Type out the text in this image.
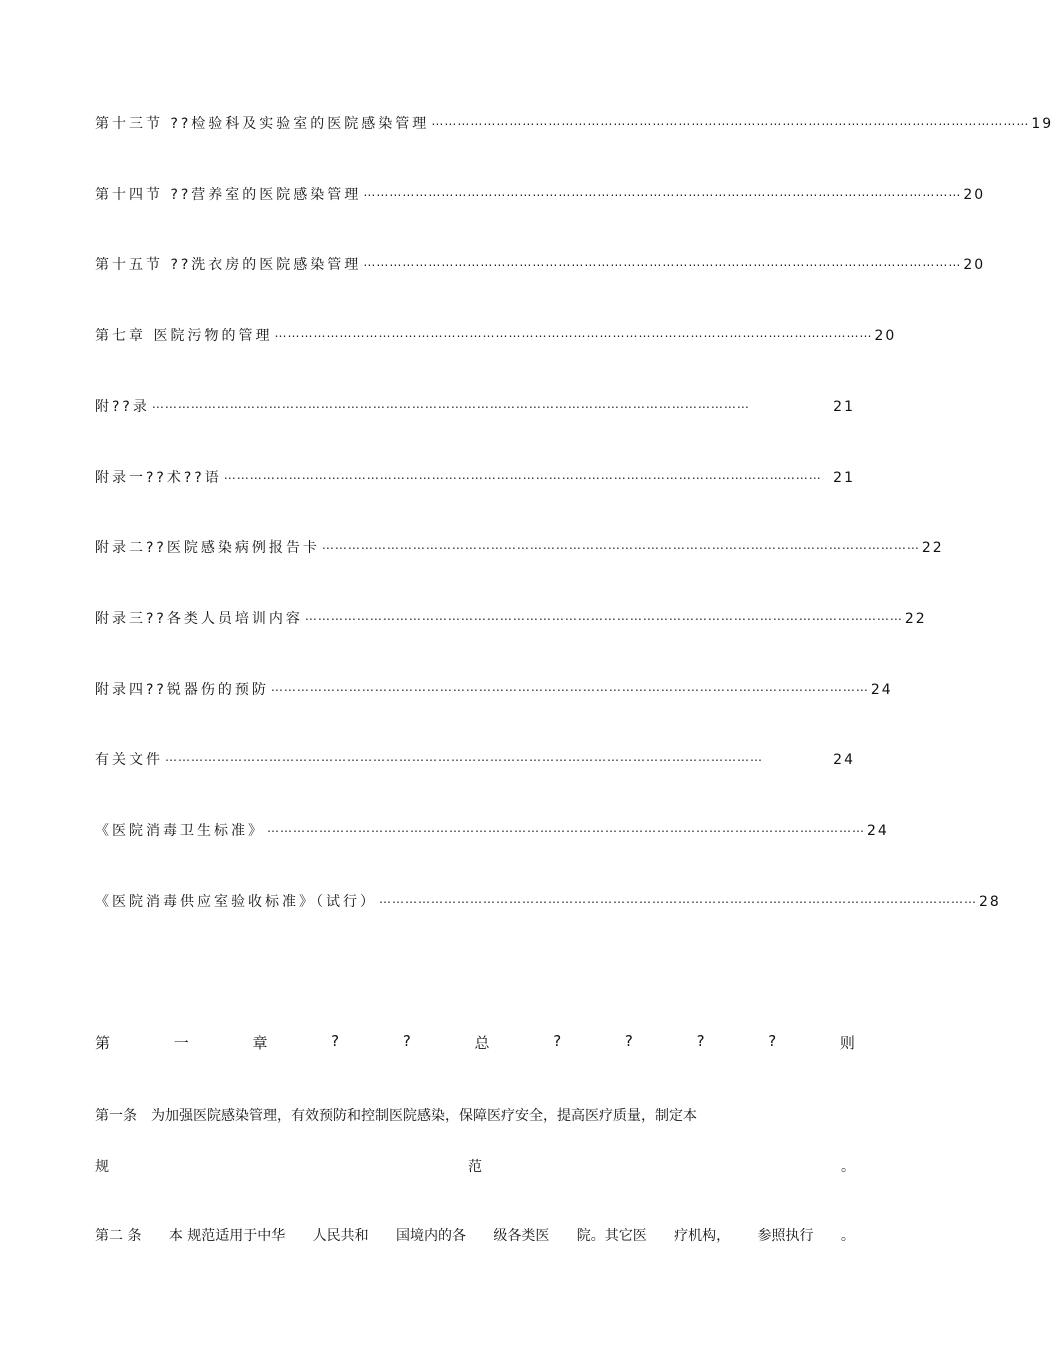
第十三节 ??检验科及实验室的医院感染管理 ⋯⋯⋯⋯⋯⋯⋯⋯⋯⋯⋯⋯⋯⋯⋯⋯⋯⋯⋯⋯⋯⋯⋯⋯⋯⋯⋯⋯⋯⋯⋯⋯⋯⋯⋯⋯⋯⋯⋯⋯⋯⋯⋯⋯⋯⋯ 19
第十四节 ??营养室的医院感染管理 ⋯⋯⋯⋯⋯⋯⋯⋯⋯⋯⋯⋯⋯⋯⋯⋯⋯⋯⋯⋯⋯⋯⋯⋯⋯⋯⋯⋯⋯⋯⋯⋯⋯⋯⋯⋯⋯⋯⋯⋯⋯⋯⋯⋯⋯⋯ 20
第十五节 ??洗衣房的医院感染管理 ⋯⋯⋯⋯⋯⋯⋯⋯⋯⋯⋯⋯⋯⋯⋯⋯⋯⋯⋯⋯⋯⋯⋯⋯⋯⋯⋯⋯⋯⋯⋯⋯⋯⋯⋯⋯⋯⋯⋯⋯⋯⋯⋯⋯⋯⋯ 20
第七章 医院污物的管理 ⋯⋯⋯⋯⋯⋯⋯⋯⋯⋯⋯⋯⋯⋯⋯⋯⋯⋯⋯⋯⋯⋯⋯⋯⋯⋯⋯⋯⋯⋯⋯⋯⋯⋯⋯⋯⋯⋯⋯⋯⋯⋯⋯⋯⋯⋯ 20
附??录 ⋯⋯⋯⋯⋯⋯⋯⋯⋯⋯⋯⋯⋯⋯⋯⋯⋯⋯⋯⋯⋯⋯⋯⋯⋯⋯⋯⋯⋯⋯⋯⋯⋯⋯⋯⋯⋯⋯⋯⋯⋯⋯⋯⋯⋯⋯	21
附录一??术??语 ⋯⋯⋯⋯⋯⋯⋯⋯⋯⋯⋯⋯⋯⋯⋯⋯⋯⋯⋯⋯⋯⋯⋯⋯⋯⋯⋯⋯⋯⋯⋯⋯⋯⋯⋯⋯⋯⋯⋯⋯⋯⋯⋯⋯⋯⋯ 21
附录二??医院感染病例报告卡 ⋯⋯⋯⋯⋯⋯⋯⋯⋯⋯⋯⋯⋯⋯⋯⋯⋯⋯⋯⋯⋯⋯⋯⋯⋯⋯⋯⋯⋯⋯⋯⋯⋯⋯⋯⋯⋯⋯⋯⋯⋯⋯⋯⋯⋯⋯ 22
附录三??各类人员培训内容 ⋯⋯⋯⋯⋯⋯⋯⋯⋯⋯⋯⋯⋯⋯⋯⋯⋯⋯⋯⋯⋯⋯⋯⋯⋯⋯⋯⋯⋯⋯⋯⋯⋯⋯⋯⋯⋯⋯⋯⋯⋯⋯⋯⋯⋯⋯ 22
附录四??锐器伤的预防 ⋯⋯⋯⋯⋯⋯⋯⋯⋯⋯⋯⋯⋯⋯⋯⋯⋯⋯⋯⋯⋯⋯⋯⋯⋯⋯⋯⋯⋯⋯⋯⋯⋯⋯⋯⋯⋯⋯⋯⋯⋯⋯⋯⋯⋯⋯ 24
有关文件 ⋯⋯⋯⋯⋯⋯⋯⋯⋯⋯⋯⋯⋯⋯⋯⋯⋯⋯⋯⋯⋯⋯⋯⋯⋯⋯⋯⋯⋯⋯⋯⋯⋯⋯⋯⋯⋯⋯⋯⋯⋯⋯⋯⋯⋯⋯	24
《医院消毒卫生标准》 ⋯⋯⋯⋯⋯⋯⋯⋯⋯⋯⋯⋯⋯⋯⋯⋯⋯⋯⋯⋯⋯⋯⋯⋯⋯⋯⋯⋯⋯⋯⋯⋯⋯⋯⋯⋯⋯⋯⋯⋯⋯⋯⋯⋯⋯⋯ 24
《医院消毒供应室验收标准》（试行） ⋯⋯⋯⋯⋯⋯⋯⋯⋯⋯⋯⋯⋯⋯⋯⋯⋯⋯⋯⋯⋯⋯⋯⋯⋯⋯⋯⋯⋯⋯⋯⋯⋯⋯⋯⋯⋯⋯⋯⋯⋯⋯⋯⋯⋯⋯ 28
第	一	章	?	?	总	?	?	?	?	则
第一条　为加强医院感染管理，有效预防和控制医院感染，保障医疗安全，提高医疗质量，制定本
规	范	。
第二 条 本 规范适用于中华 人民共和 国境内的各 级各类医 院。其它医 疗机构， 参照执行 。
